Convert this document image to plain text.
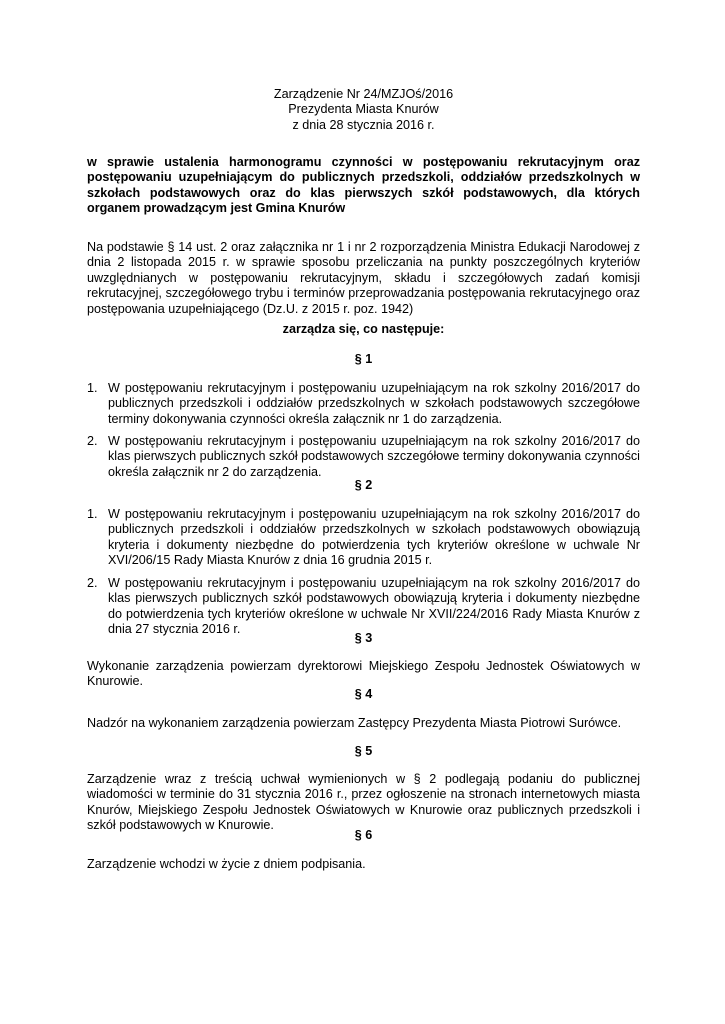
Zarządzenie Nr 24/MZJOś/2016
Prezydenta Miasta Knurów
z dnia 28 stycznia 2016 r.
w sprawie ustalenia harmonogramu czynności w postępowaniu rekrutacyjnym oraz postępowaniu uzupełniającym do publicznych przedszkoli, oddziałów przedszkolnych w szkołach podstawowych oraz do klas pierwszych szkół podstawowych, dla których organem prowadzącym jest Gmina Knurów
Na podstawie § 14 ust. 2 oraz załącznika nr 1 i nr 2 rozporządzenia Ministra Edukacji Narodowej z dnia 2 listopada 2015 r. w sprawie sposobu przeliczania na punkty poszczególnych kryteriów uwzględnianych w postępowaniu rekrutacyjnym, składu i szczegółowych zadań komisji rekrutacyjnej, szczegółowego trybu i terminów przeprowadzania postępowania rekrutacyjnego oraz postępowania uzupełniającego (Dz.U. z 2015 r. poz. 1942)
zarządza się, co następuje:
§ 1
1. W postępowaniu rekrutacyjnym i postępowaniu uzupełniającym na rok szkolny 2016/2017 do publicznych przedszkoli i oddziałów przedszkolnych w szkołach podstawowych szczegółowe terminy dokonywania czynności określa załącznik nr 1 do zarządzenia.
2. W postępowaniu rekrutacyjnym i postępowaniu uzupełniającym na rok szkolny 2016/2017 do klas pierwszych publicznych szkół podstawowych szczegółowe terminy dokonywania czynności określa załącznik nr 2 do zarządzenia.
§ 2
1. W postępowaniu rekrutacyjnym i postępowaniu uzupełniającym na rok szkolny 2016/2017 do publicznych przedszkoli i oddziałów przedszkolnych w szkołach podstawowych obowiązują kryteria i dokumenty niezbędne do potwierdzenia tych kryteriów określone w uchwale Nr XVI/206/15 Rady Miasta Knurów z dnia 16 grudnia 2015 r.
2. W postępowaniu rekrutacyjnym i postępowaniu uzupełniającym na rok szkolny 2016/2017 do klas pierwszych publicznych szkół podstawowych obowiązują kryteria i dokumenty niezbędne do potwierdzenia tych kryteriów określone w uchwale Nr XVII/224/2016 Rady Miasta Knurów z dnia 27 stycznia 2016 r.
§ 3
Wykonanie zarządzenia powierzam dyrektorowi Miejskiego Zespołu Jednostek Oświatowych w Knurowie.
§ 4
Nadzór na wykonaniem zarządzenia powierzam Zastępcy Prezydenta Miasta Piotrowi Surówce.
§ 5
Zarządzenie wraz z treścią uchwał wymienionych w § 2 podlegają podaniu do publicznej wiadomości w terminie do 31 stycznia 2016 r., przez ogłoszenie na stronach internetowych miasta Knurów, Miejskiego Zespołu Jednostek Oświatowych w Knurowie oraz publicznych przedszkoli i szkół podstawowych w Knurowie.
§ 6
Zarządzenie wchodzi w życie z dniem podpisania.
